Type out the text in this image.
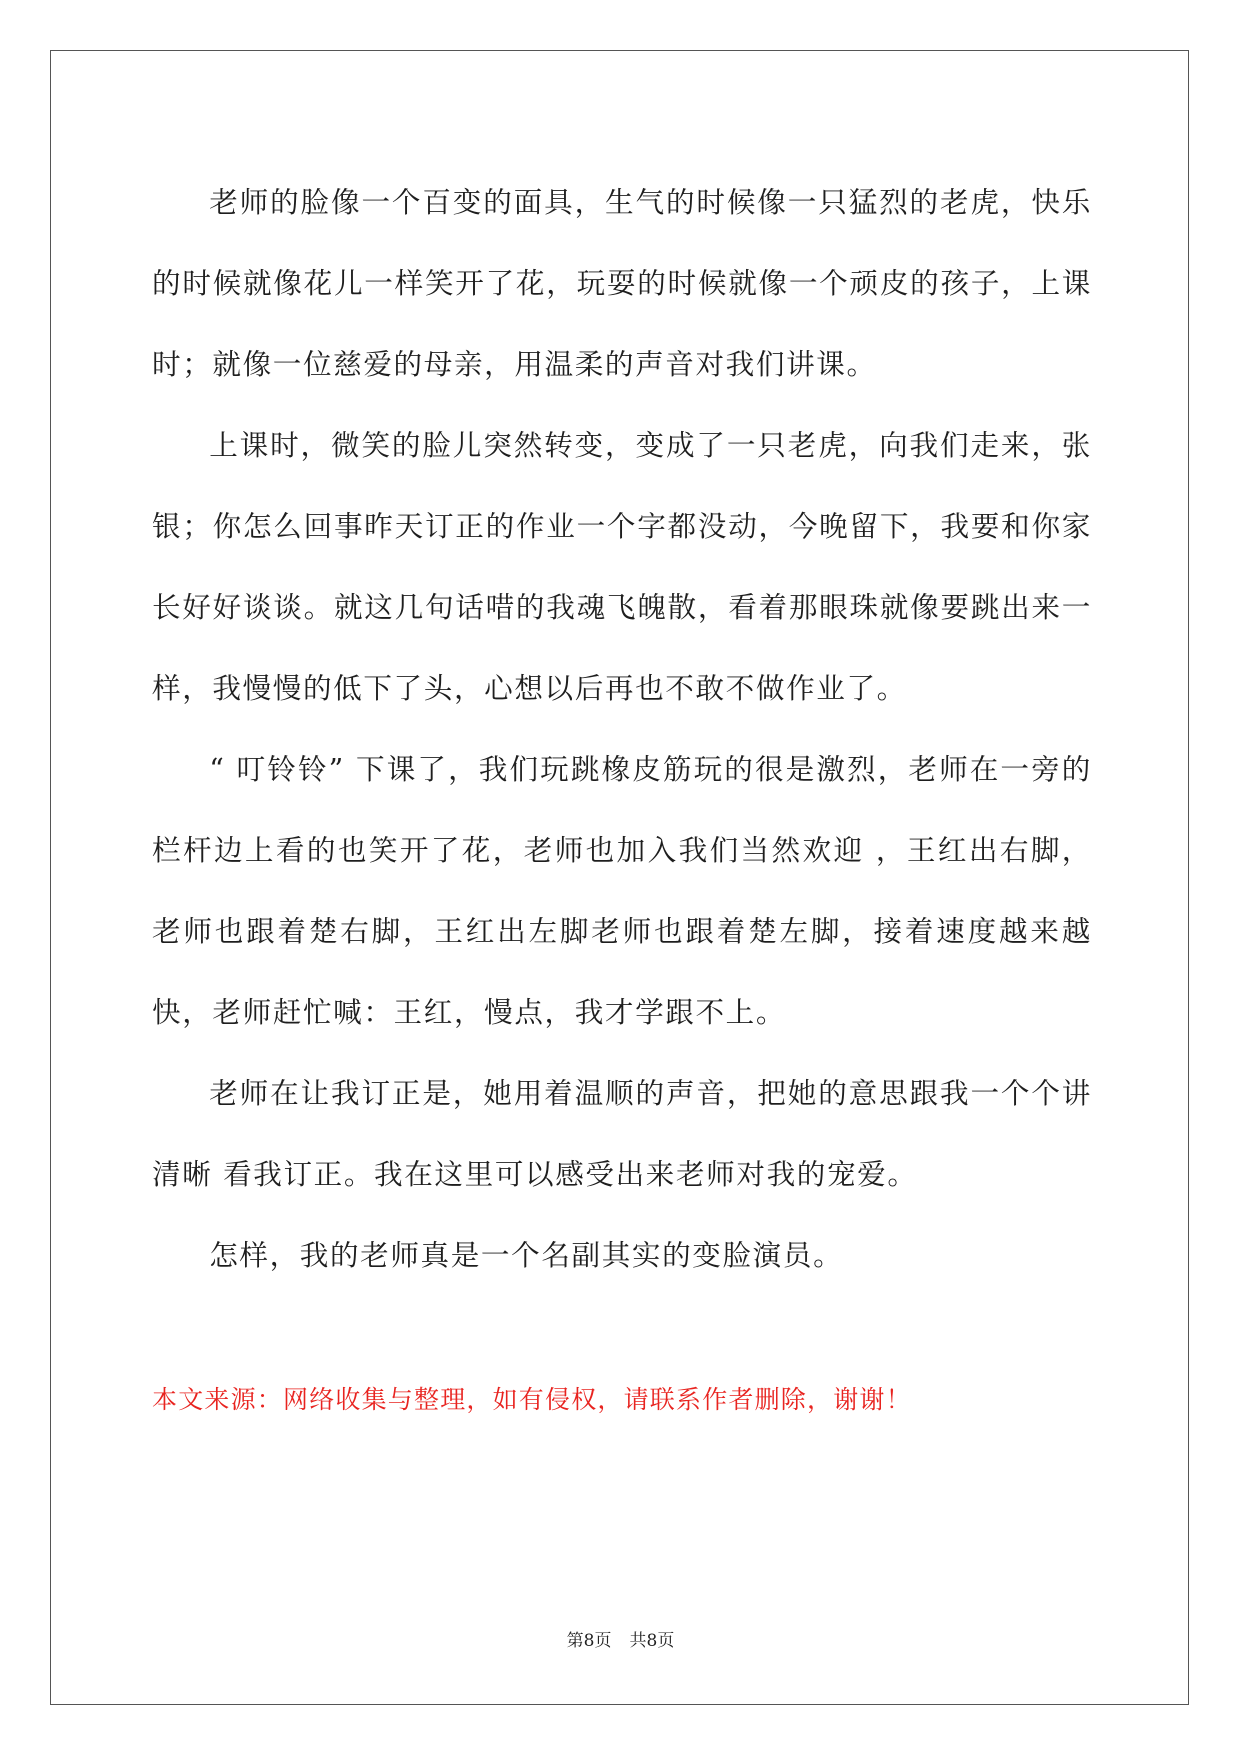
老师的脸像一个百变的面具，生气的时候像一只猛烈的老虎，快乐的时候就像花儿一样笑开了花，玩耍的时候就像一个顽皮的孩子，上课时；就像一位慈爱的母亲，用温柔的声音对我们讲课。

上课时，微笑的脸儿突然转变，变成了一只老虎，向我们走来，张银；你怎么回事昨天订正的作业一个字都没动，今晚留下，我要和你家长好好谈谈。就这几句话唶的我魂飞魄散，看着那眼珠就像要跳出来一样，我慢慢的低下了头，心想以后再也不敢不做作业了。

“ 叮铃铃” 下课了，我们玩跳橡皮筋玩的很是激烈，老师在一旁的栏杆边上看的也笑开了花，老师也加入我们当然欢迎 ，王红出右脚，老师也跟着楚右脚，王红出左脚老师也跟着楚左脚，接着速度越来越快，老师赶忙喊：王红，慢点，我才学跟不上。

老师在让我订正是，她用着温顺的声音，把她的意思跟我一个个讲清晰 看我订正。我在这里可以感受出来老师对我的宠爱。

怎样，我的老师真是一个名副其实的变脸演员。

本文来源：网络收集与整理，如有侵权，请联系作者删除，谢谢！

第8页 共8页
